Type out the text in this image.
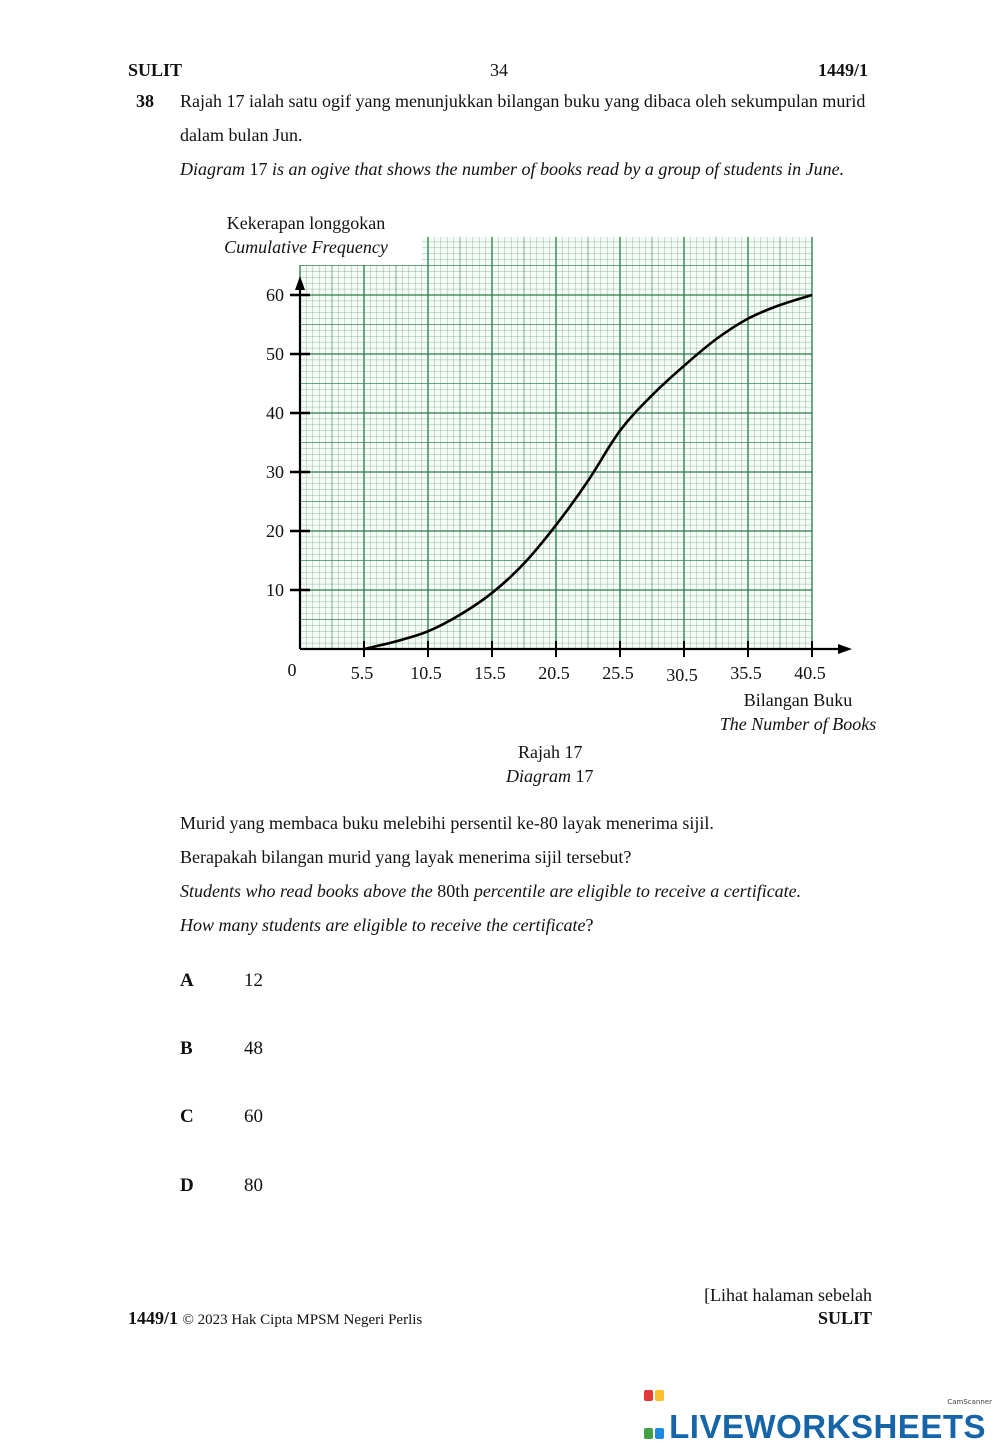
SULIT	34	1449/1
38 Rajah 17 ialah satu ogif yang menunjukkan bilangan buku yang dibaca oleh sekumpulan murid
dalam bulan Jun.
Diagram 17 is an ogive that shows the number of books read by a group of students in June.
10
20
30
40
50
60
5.5 10.5 15.5 20.5 25.5 30.5 35.5 40.5
0
Kekerapan longgokan
Cumulative Frequency
Bilangan Buku
The Number of Books
Rajah 17
Diagram 17
Murid yang membaca buku melebihi persentil ke-80 layak menerima sijil.
Berapakah bilangan murid yang layak menerima sijil tersebut?
Students who read books above the 80th percentile are eligible to receive a certificate.
How many students are eligible to receive the certificate?
A	12
B	48
C	60
D	80
[Lihat halaman sebelah
1449/1 © 2023 Hak Cipta MPSM Negeri Perlis	SULIT
LIVEWORKSHEETS
CamScanner
